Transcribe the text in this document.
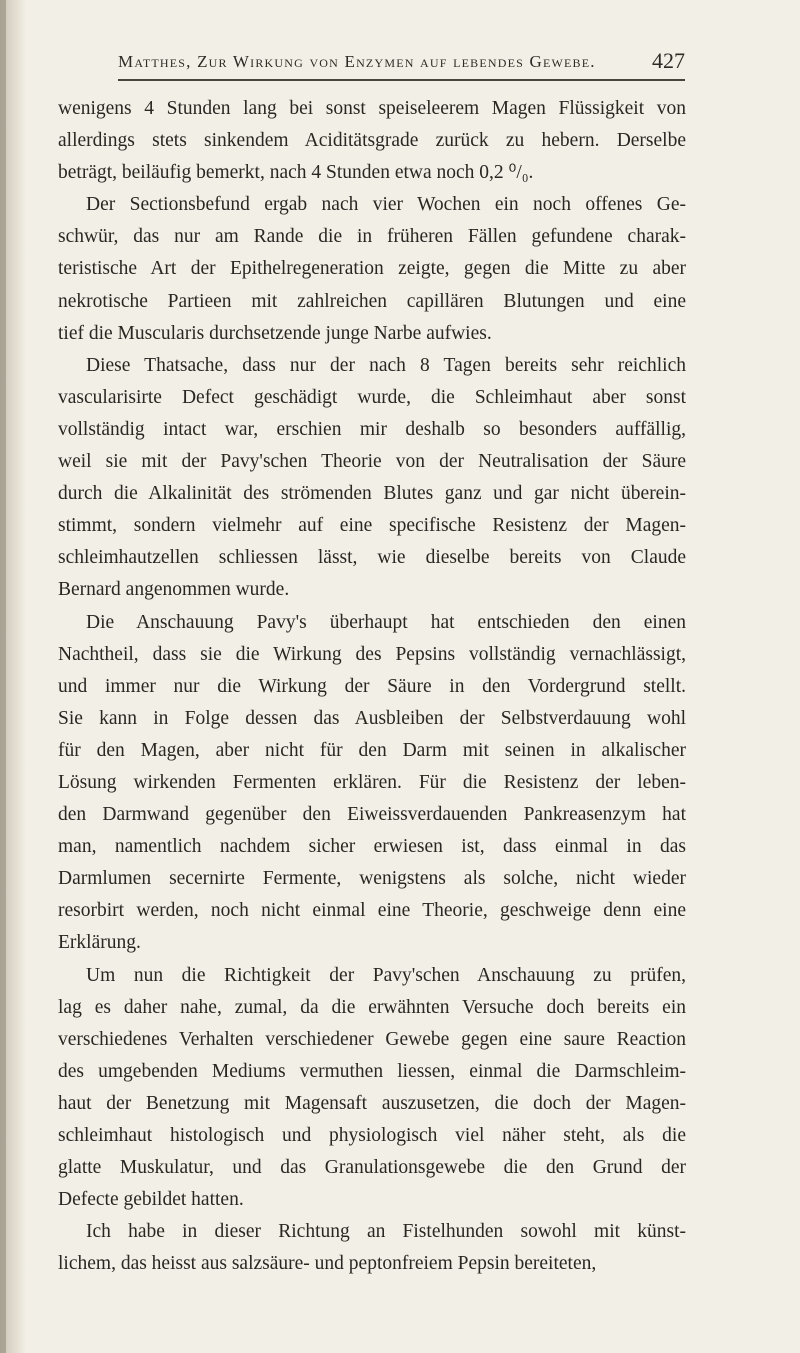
Matthes, Zur Wirkung von Enzymen auf lebendes Gewebe.	427
wenigens 4 Stunden lang bei sonst speiseleerem Magen Flüssigkeit von
allerdings stets sinkendem Aciditätsgrade zurück zu hebern. Derselbe
beträgt, beiläufig bemerkt, nach 4 Stunden etwa noch 0,2 ⁰/₀.
Der Sectionsbefund ergab nach vier Wochen ein noch offenes Ge-
schwür, das nur am Rande die in früheren Fällen gefundene charak-
teristische Art der Epithelregeneration zeigte, gegen die Mitte zu aber
nekrotische Partieen mit zahlreichen capillären Blutungen und eine
tief die Muscularis durchsetzende junge Narbe aufwies.
Diese Thatsache, dass nur der nach 8 Tagen bereits sehr reichlich
vascularisirte Defect geschädigt wurde, die Schleimhaut aber sonst
vollständig intact war, erschien mir deshalb so besonders auffällig,
weil sie mit der Pavy'schen Theorie von der Neutralisation der Säure
durch die Alkalinität des strömenden Blutes ganz und gar nicht überein-
stimmt, sondern vielmehr auf eine specifische Resistenz der Magen-
schleimhautzellen schliessen lässt, wie dieselbe bereits von Claude
Bernard angenommen wurde.
Die Anschauung Pavy's überhaupt hat entschieden den einen
Nachtheil, dass sie die Wirkung des Pepsins vollständig vernachlässigt,
und immer nur die Wirkung der Säure in den Vordergrund stellt.
Sie kann in Folge dessen das Ausbleiben der Selbstverdauung wohl
für den Magen, aber nicht für den Darm mit seinen in alkalischer
Lösung wirkenden Fermenten erklären. Für die Resistenz der leben-
den Darmwand gegenüber den Eiweissverdauenden Pankreasenzym hat
man, namentlich nachdem sicher erwiesen ist, dass einmal in das
Darmlumen secernirte Fermente, wenigstens als solche, nicht wieder
resorbirt werden, noch nicht einmal eine Theorie, geschweige denn eine
Erklärung.
Um nun die Richtigkeit der Pavy'schen Anschauung zu prüfen,
lag es daher nahe, zumal, da die erwähnten Versuche doch bereits ein
verschiedenes Verhalten verschiedener Gewebe gegen eine saure Reaction
des umgebenden Mediums vermuthen liessen, einmal die Darmschleim-
haut der Benetzung mit Magensaft auszusetzen, die doch der Magen-
schleimhaut histologisch und physiologisch viel näher steht, als die
glatte Muskulatur, und das Granulationsgewebe die den Grund der
Defecte gebildet hatten.
Ich habe in dieser Richtung an Fistelhunden sowohl mit künst-
lichem, das heisst aus salzsäure- und peptonfreiem Pepsin bereiteten,
